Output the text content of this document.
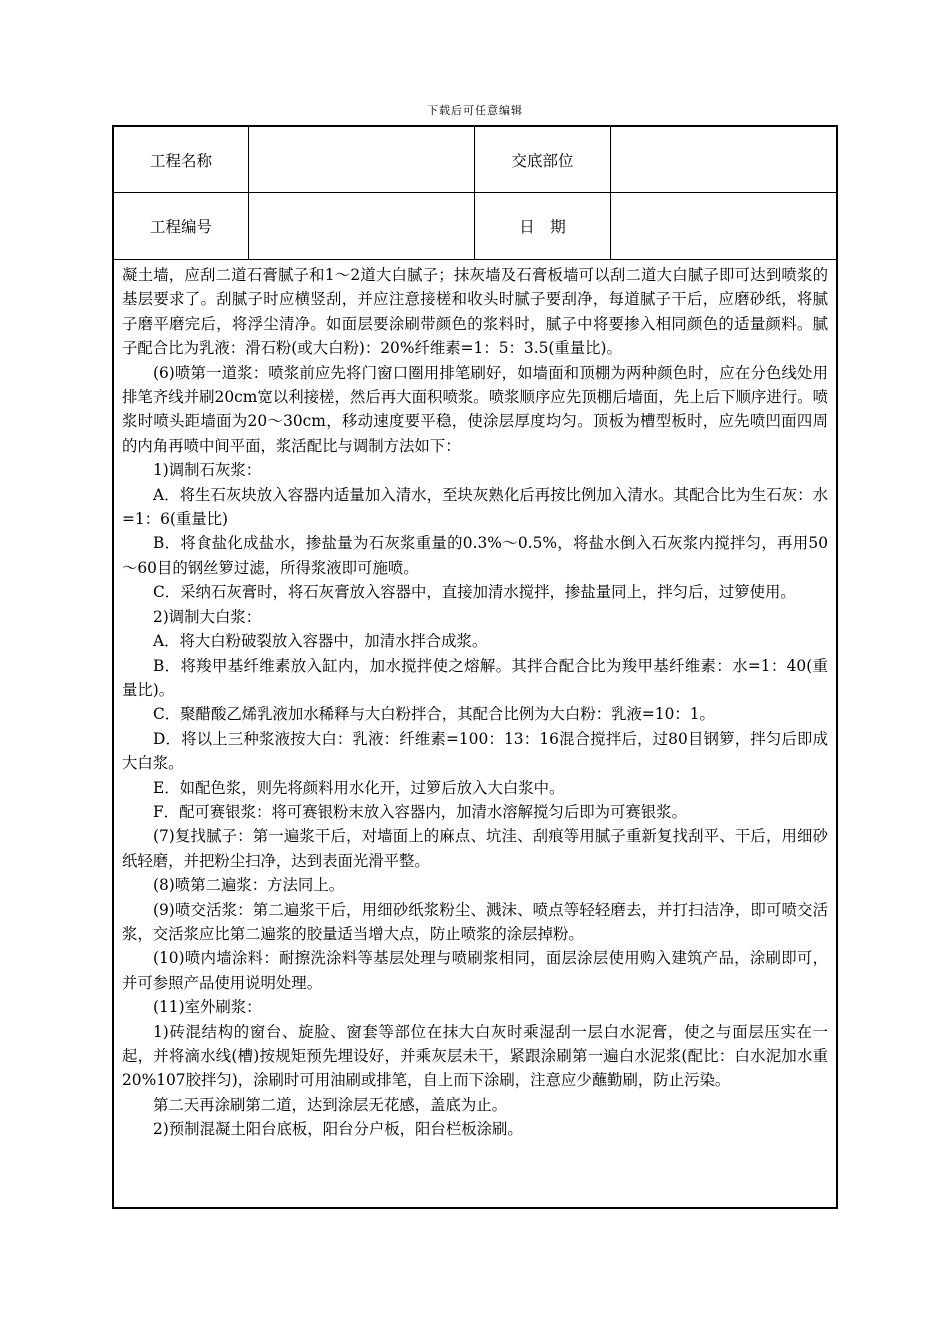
下载后可任意编辑
工程名称	交底部位
工程编号	日　期

凝土墙，应刮二道石膏腻子和1～2道大白腻子；抹灰墙及石膏板墙可以刮二道大白腻子即可达到喷浆的基层要求了。刮腻子时应横竖刮，并应注意接槎和收头时腻子要刮净，每道腻子干后，应磨砂纸，将腻子磨平磨完后，将浮尘清净。如面层要涂刷带颜色的浆料时，腻子中将要掺入相同颜色的适量颜料。腻子配合比为乳液：滑石粉(或大白粉)：20%纤维素=1：5：3.5(重量比)。

(6)喷第一道浆：喷浆前应先将门窗口圈用排笔刷好，如墙面和顶棚为两种颜色时，应在分色线处用排笔齐线并刷20cm宽以利接槎，然后再大面积喷浆。喷浆顺序应先顶棚后墙面，先上后下顺序进行。喷浆时喷头距墙面为20～30cm，移动速度要平稳，使涂层厚度均匀。顶板为槽型板时，应先喷凹面四周的内角再喷中间平面，浆活配比与调制方法如下：

1)调制石灰浆：

A．将生石灰块放入容器内适量加入清水，至块灰熟化后再按比例加入清水。其配合比为生石灰：水=1：6(重量比)

B．将食盐化成盐水，掺盐量为石灰浆重量的0.3%～0.5%，将盐水倒入石灰浆内搅拌匀，再用50～60目的钢丝箩过滤，所得浆液即可施喷。

C．采纳石灰膏时，将石灰膏放入容器中，直接加清水搅拌，掺盐量同上，拌匀后，过箩使用。

2)调制大白浆：

A．将大白粉破裂放入容器中，加清水拌合成浆。

B．将羧甲基纤维素放入缸内，加水搅拌使之熔解。其拌合配合比为羧甲基纤维素：水=1：40(重量比)。

C．聚醋酸乙烯乳液加水稀释与大白粉拌合，其配合比例为大白粉：乳液=10：1。

D．将以上三种浆液按大白：乳液：纤维素=100：13：16混合搅拌后，过80目钢箩，拌匀后即成大白浆。

E．如配色浆，则先将颜料用水化开，过箩后放入大白浆中。

F．配可赛银浆：将可赛银粉末放入容器内，加清水溶解搅匀后即为可赛银浆。

(7)复找腻子：第一遍浆干后，对墙面上的麻点、坑洼、刮痕等用腻子重新复找刮平、干后，用细砂纸轻磨，并把粉尘扫净，达到表面光滑平整。

(8)喷第二遍浆：方法同上。

(9)喷交活浆：第二遍浆干后，用细砂纸浆粉尘、溅沫、喷点等轻轻磨去，并打扫洁净，即可喷交活浆，交活浆应比第二遍浆的胶量适当增大点，防止喷浆的涂层掉粉。

(10)喷内墙涂料：耐擦洗涂料等基层处理与喷刷浆相同，面层涂层使用购入建筑产品，涂刷即可，并可参照产品使用说明处理。

(11)室外刷浆：

1)砖混结构的窗台、旋脸、窗套等部位在抹大白灰时乘湿刮一层白水泥膏，使之与面层压实在一起，并将滴水线(槽)按规矩预先埋设好，并乘灰层未干，紧跟涂刷第一遍白水泥浆(配比：白水泥加水重20%107胶拌匀)，涂刷时可用油刷或排笔，自上而下涂刷，注意应少蘸勤刷，防止污染。

第二天再涂刷第二道，达到涂层无花感，盖底为止。

2)预制混凝土阳台底板，阳台分户板，阳台栏板涂刷。
